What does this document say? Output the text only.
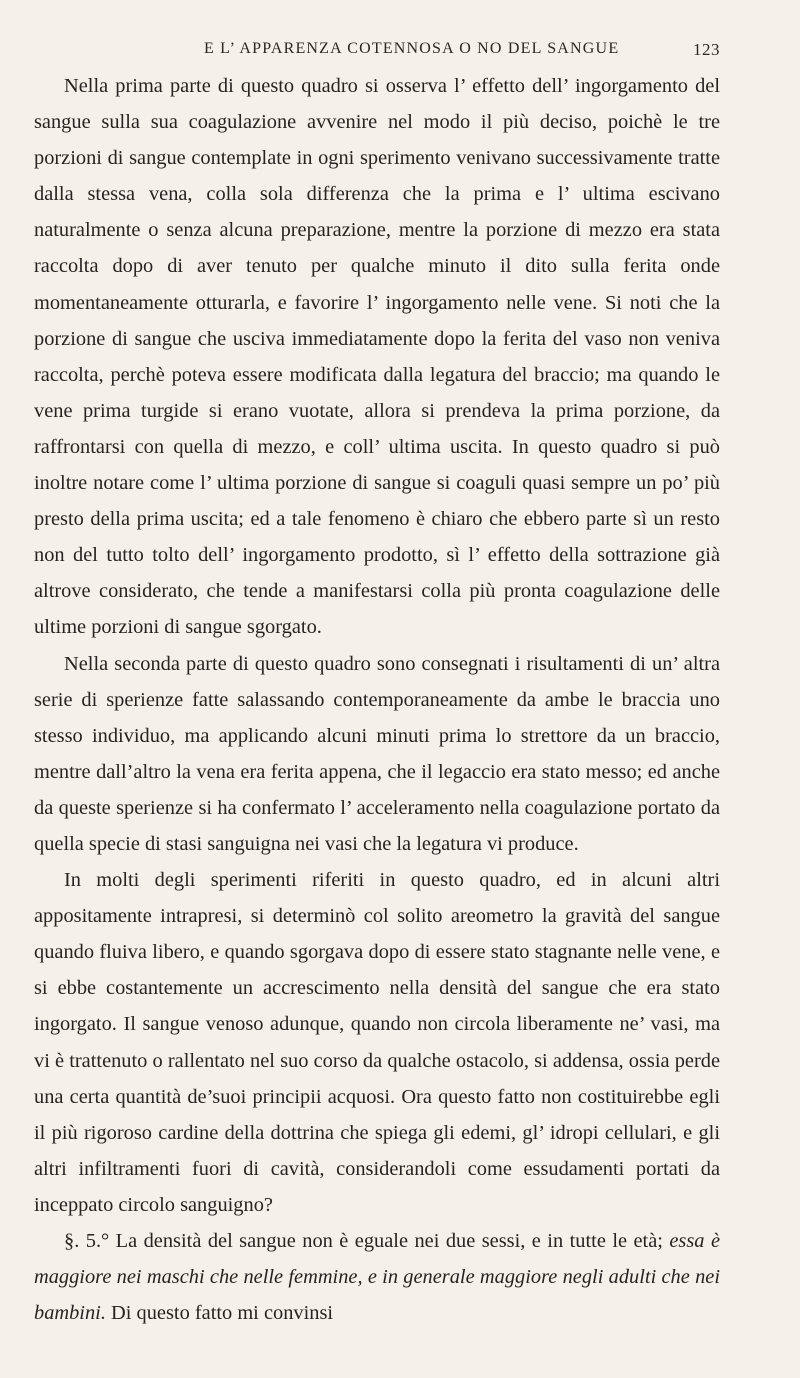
E L’ APPARENZA COTENNOSA O NO DEL SANGUE	123

Nella prima parte di questo quadro si osserva l’ effetto dell’ ingorgamento del sangue sulla sua coagulazione avvenire nel modo il più deciso, poichè le tre porzioni di sangue contemplate in ogni sperimento venivano successivamente tratte dalla stessa vena, colla sola differenza che la prima e l’ ultima escivano naturalmente o senza alcuna preparazione, mentre la porzione di mezzo era stata raccolta dopo di aver tenuto per qualche minuto il dito sulla ferita onde momentaneamente otturarla, e favorire l’ ingorgamento nelle vene. Si noti che la porzione di sangue che usciva immediatamente dopo la ferita del vaso non veniva raccolta, perchè poteva essere modificata dalla legatura del braccio; ma quando le vene prima turgide si erano vuotate, allora si prendeva la prima porzione, da raffrontarsi con quella di mezzo, e coll’ ultima uscita. In questo quadro si può inoltre notare come l’ ultima porzione di sangue si coaguli quasi sempre un po’ più presto della prima uscita; ed a tale fenomeno è chiaro che ebbero parte sì un resto non del tutto tolto dell’ ingorgamento prodotto, sì l’ effetto della sottrazione già altrove considerato, che tende a manifestarsi colla più pronta coagulazione delle ultime porzioni di sangue sgorgato.

Nella seconda parte di questo quadro sono consegnati i risultamenti di un’ altra serie di sperienze fatte salassando contemporaneamente da ambe le braccia uno stesso individuo, ma applicando alcuni minuti prima lo strettore da un braccio, mentre dall’altro la vena era ferita appena, che il legaccio era stato messo; ed anche da queste sperienze si ha confermato l’ acceleramento nella coagulazione portato da quella specie di stasi sanguigna nei vasi che la legatura vi produce.

In molti degli sperimenti riferiti in questo quadro, ed in alcuni altri appositamente intrapresi, si determinò col solito areometro la gravità del sangue quando fluiva libero, e quando sgorgava dopo di essere stato stagnante nelle vene, e si ebbe costantemente un accrescimento nella densità del sangue che era stato ingorgato. Il sangue venoso adunque, quando non circola liberamente ne’ vasi, ma vi è trattenuto o rallentato nel suo corso da qualche ostacolo, si addensa, ossia perde una certa quantità de’suoi principii acquosi. Ora questo fatto non costituirebbe egli il più rigoroso cardine della dottrina che spiega gli edemi, gl’ idropi cellulari, e gli altri infiltramenti fuori di cavità, considerandoli come essudamenti portati da inceppato circolo sanguigno?

§. 5.° La densità del sangue non è eguale nei due sessi, e in tutte le età; essa è maggiore nei maschi che nelle femmine, e in generale maggiore negli adulti che nei bambini. Di questo fatto mi convinsi
